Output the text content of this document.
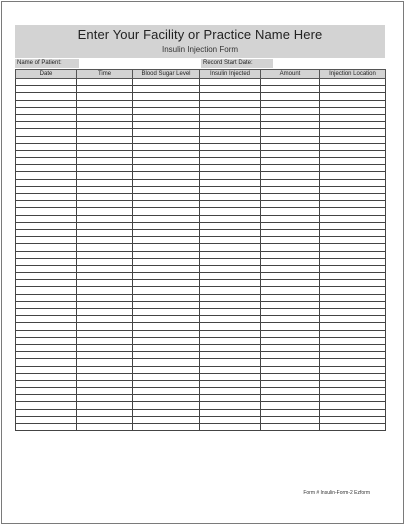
Enter Your Facility or Practice Name Here
Insulin Injection Form
Name of Patient:	Record Start Date:
Date	Time	Blood Sugar Level	Insulin Injected	Amount	Injection Location

Form # Insulin-Form-2 Ezform
